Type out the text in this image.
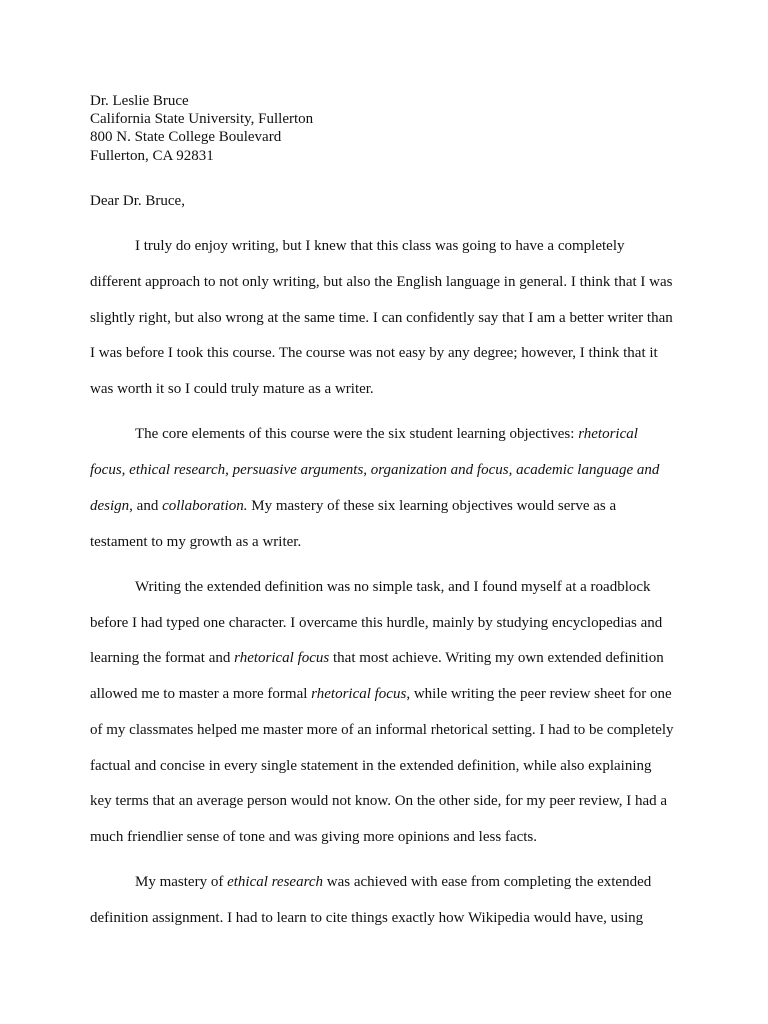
Dr. Leslie Bruce
California State University, Fullerton
800 N. State College Boulevard
Fullerton, CA 92831
Dear Dr. Bruce,
I truly do enjoy writing, but I knew that this class was going to have a completely
different approach to not only writing, but also the English language in general. I think that I was
slightly right, but also wrong at the same time. I can confidently say that I am a better writer than
I was before I took this course. The course was not easy by any degree; however, I think that it
was worth it so I could truly mature as a writer.
The core elements of this course were the six student learning objectives: rhetorical
focus, ethical research, persuasive arguments, organization and focus, academic language and
design, and collaboration. My mastery of these six learning objectives would serve as a
testament to my growth as a writer.
Writing the extended definition was no simple task, and I found myself at a roadblock
before I had typed one character. I overcame this hurdle, mainly by studying encyclopedias and
learning the format and rhetorical focus that most achieve. Writing my own extended definition
allowed me to master a more formal rhetorical focus, while writing the peer review sheet for one
of my classmates helped me master more of an informal rhetorical setting. I had to be completely
factual and concise in every single statement in the extended definition, while also explaining
key terms that an average person would not know. On the other side, for my peer review, I had a
much friendlier sense of tone and was giving more opinions and less facts.
My mastery of ethical research was achieved with ease from completing the extended
definition assignment. I had to learn to cite things exactly how Wikipedia would have, using
